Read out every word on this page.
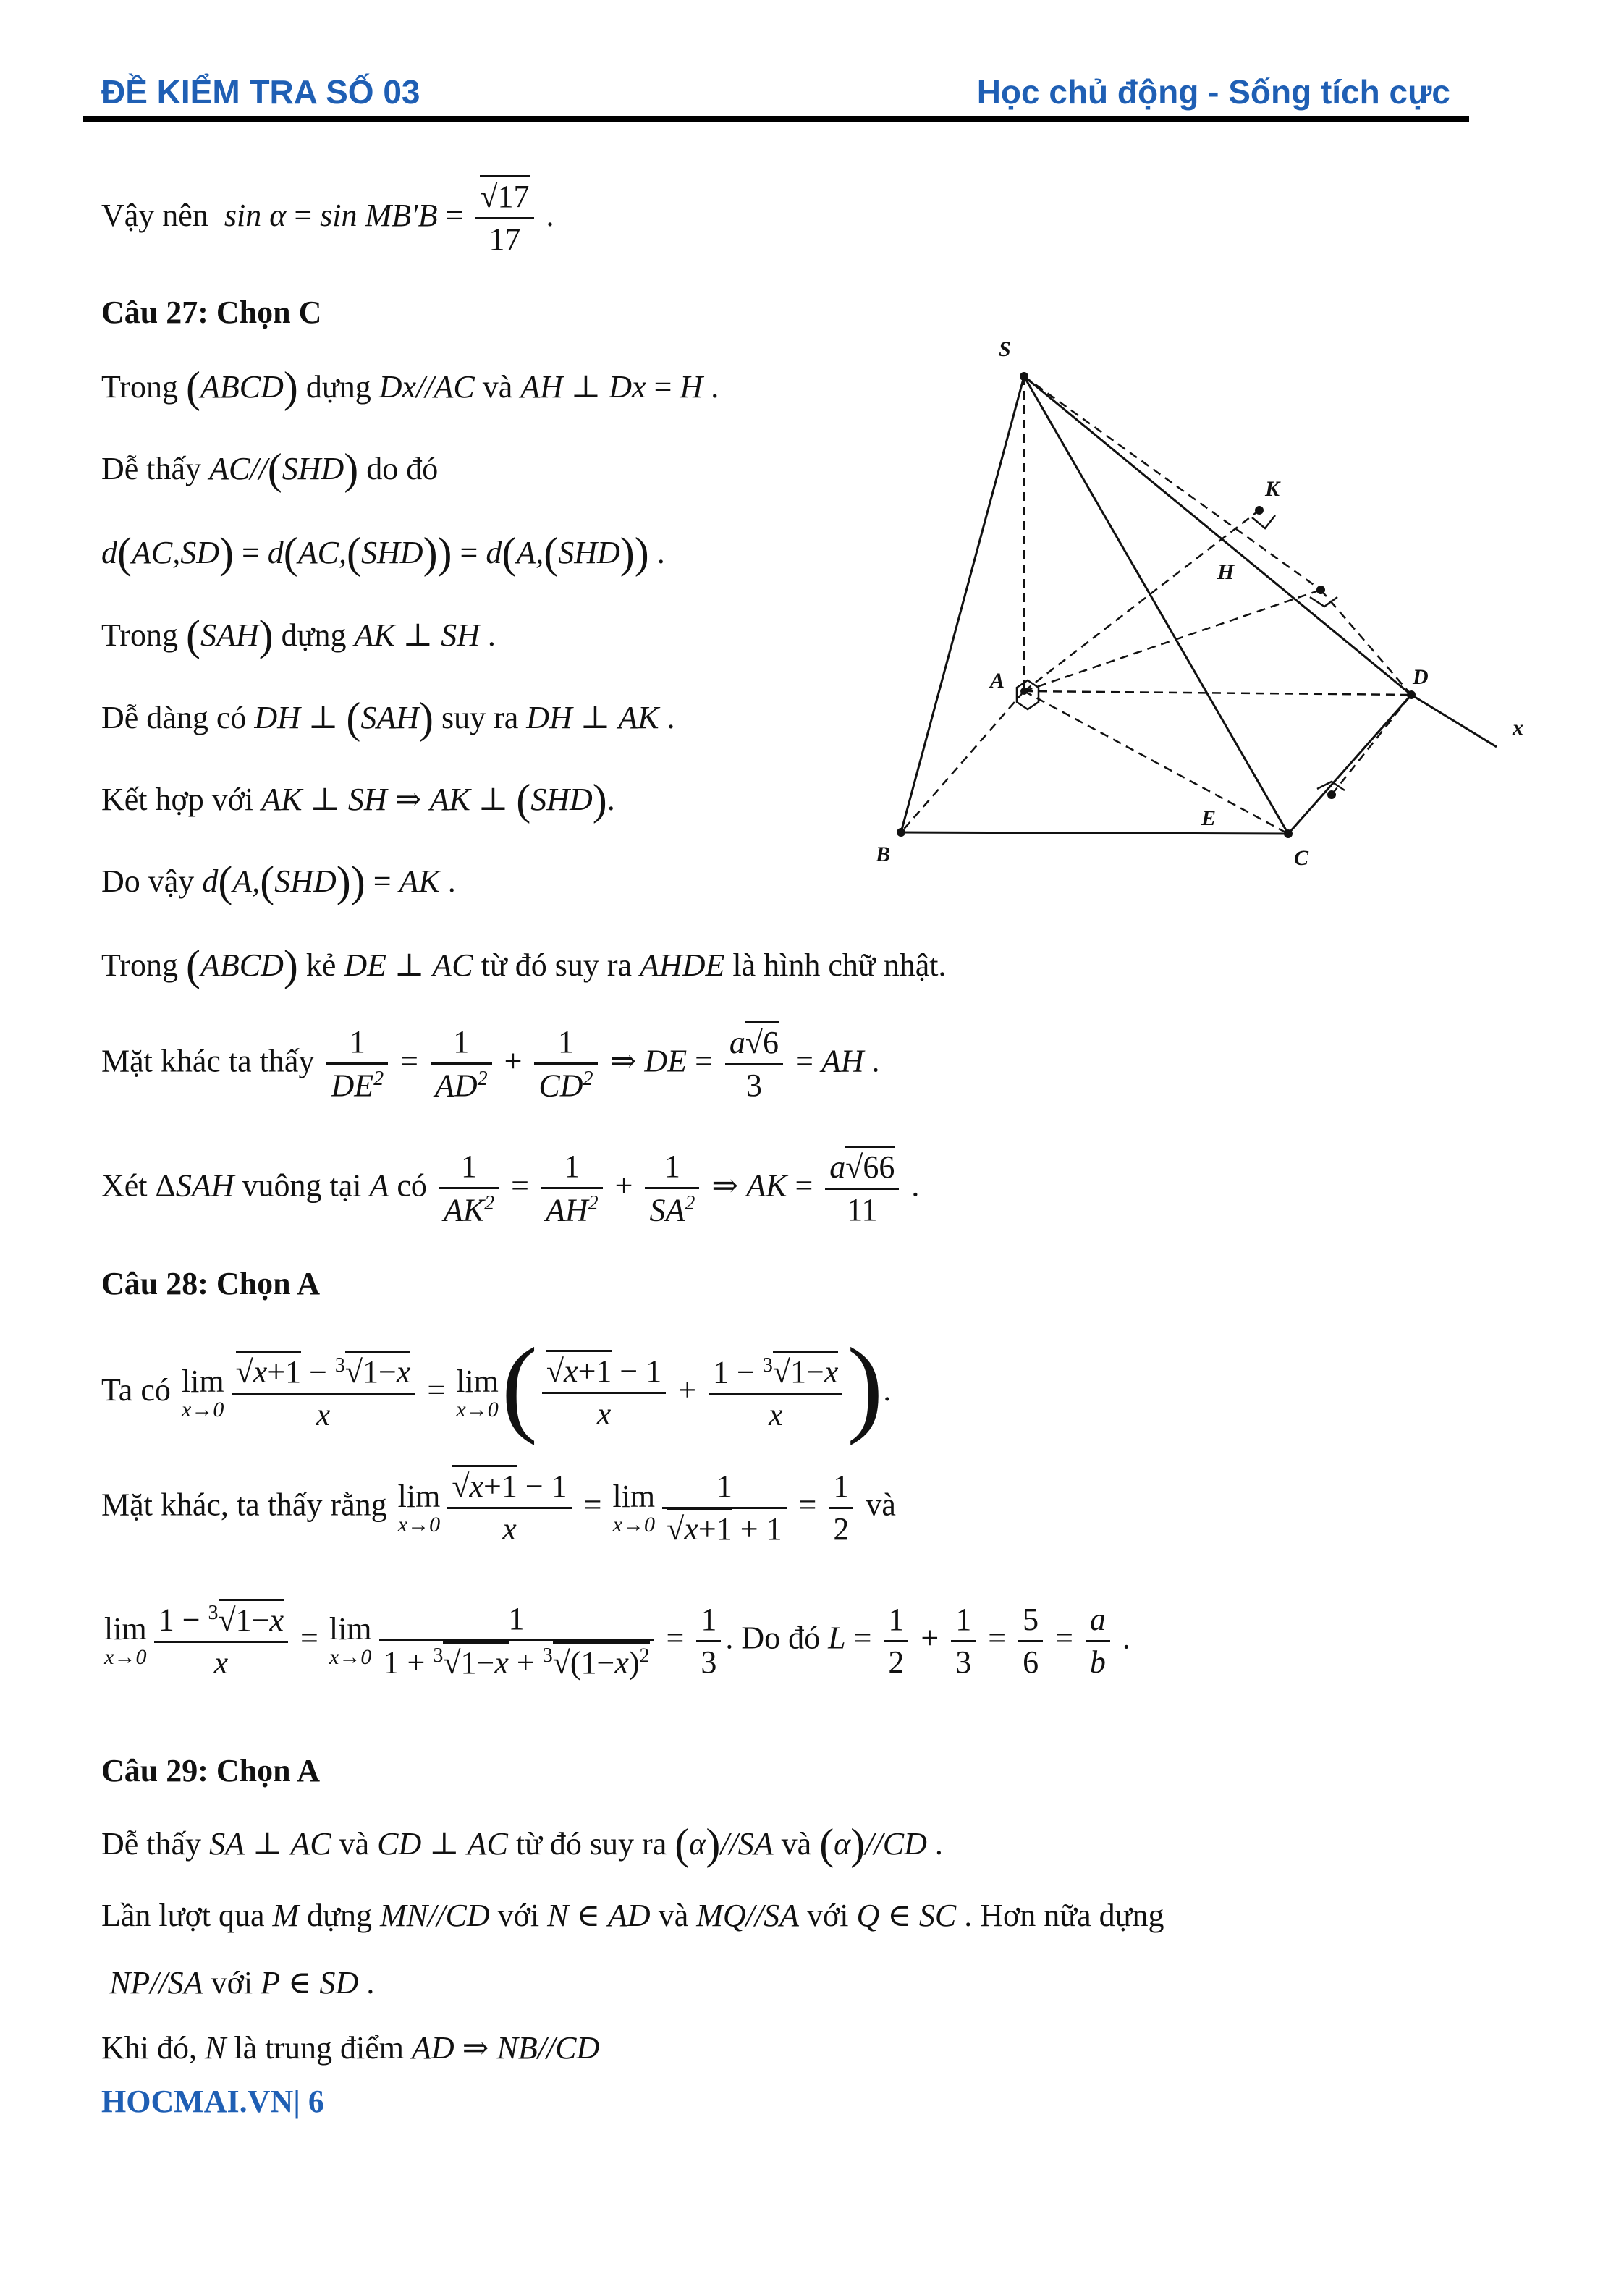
ĐỀ KIỂM TRA SỐ 03	Học chủ động - Sống tích cực
Vậy nên  $\sin \alpha = \sin MB'B = \frac{√17}{17}$ .
Câu 27: Chọn C
Trong (ABCD) dựng Dx//AC và AH ⊥ Dx = H .
Dễ thấy AC//(SHD) do đó
d(AC,SD) = d(AC,(SHD)) = d(A,(SHD)) .
Trong (SAH) dựng AK ⊥ SH .
Dễ dàng có DH ⊥ (SAH) suy ra DH ⊥ AK .
Kết hợp với AK ⊥ SH ⇒ AK ⊥ (SHD).
Do vậy d(A,(SHD)) = AK .
Trong (ABCD) kẻ DE ⊥ AC từ đó suy ra AHDE là hình chữ nhật.
Mặt khác ta thấy $\frac{1}{DE^2} = \frac{1}{AD^2} + \frac{1}{CD^2}$ ⇒ DE = $\frac{a√6}{3}$ = AH .
Xét ΔSAH vuông tại A có $\frac{1}{AK^2} = \frac{1}{AH^2} + \frac{1}{SA^2}$ ⇒ AK = $\frac{a√66}{11}$ .
Câu 28: Chọn A
Ta có lim
$x\to 0 \frac{√x+1 - ^3√1-x}{x} = \lim$
x→0 ( $\frac{√x+1 - 1}{x} + \frac{1 - ^3√1-x}{x}$ ).
Mặt khác, ta thấy rằng lim
$x\to 0 \frac{√x+1 - 1}{x} = \lim$
$x\to 0 \frac{1}{√x+1 + 1} = \frac{1}{2}$ và
lim
$x\to 0 \frac{1 - ^3√1-x}{x} = \lim$
$x\to 0 \frac{1}{1 + ^3√1-x + ^3√(1-x)^2} = \frac{1}{3}$ . Do đó $L = \frac{1}{2} + \frac{1}{3} = \frac{5}{6} = \frac{a}{b}$ .
Câu 29: Chọn A
Dễ thấy SA ⊥ AC và CD ⊥ AC từ đó suy ra (α)//SA và (α)//CD .
Lần lượt qua M dựng MN//CD với N ∈ AD và MQ//SA với Q ∈ SC . Hơn nữa dựng
NP//SA với P ∈ SD .
Khi đó, N là trung điểm AD ⇒ NB//CD
HOCMAI.VN| 6
S
K
H
A	D
x
E
B	C
